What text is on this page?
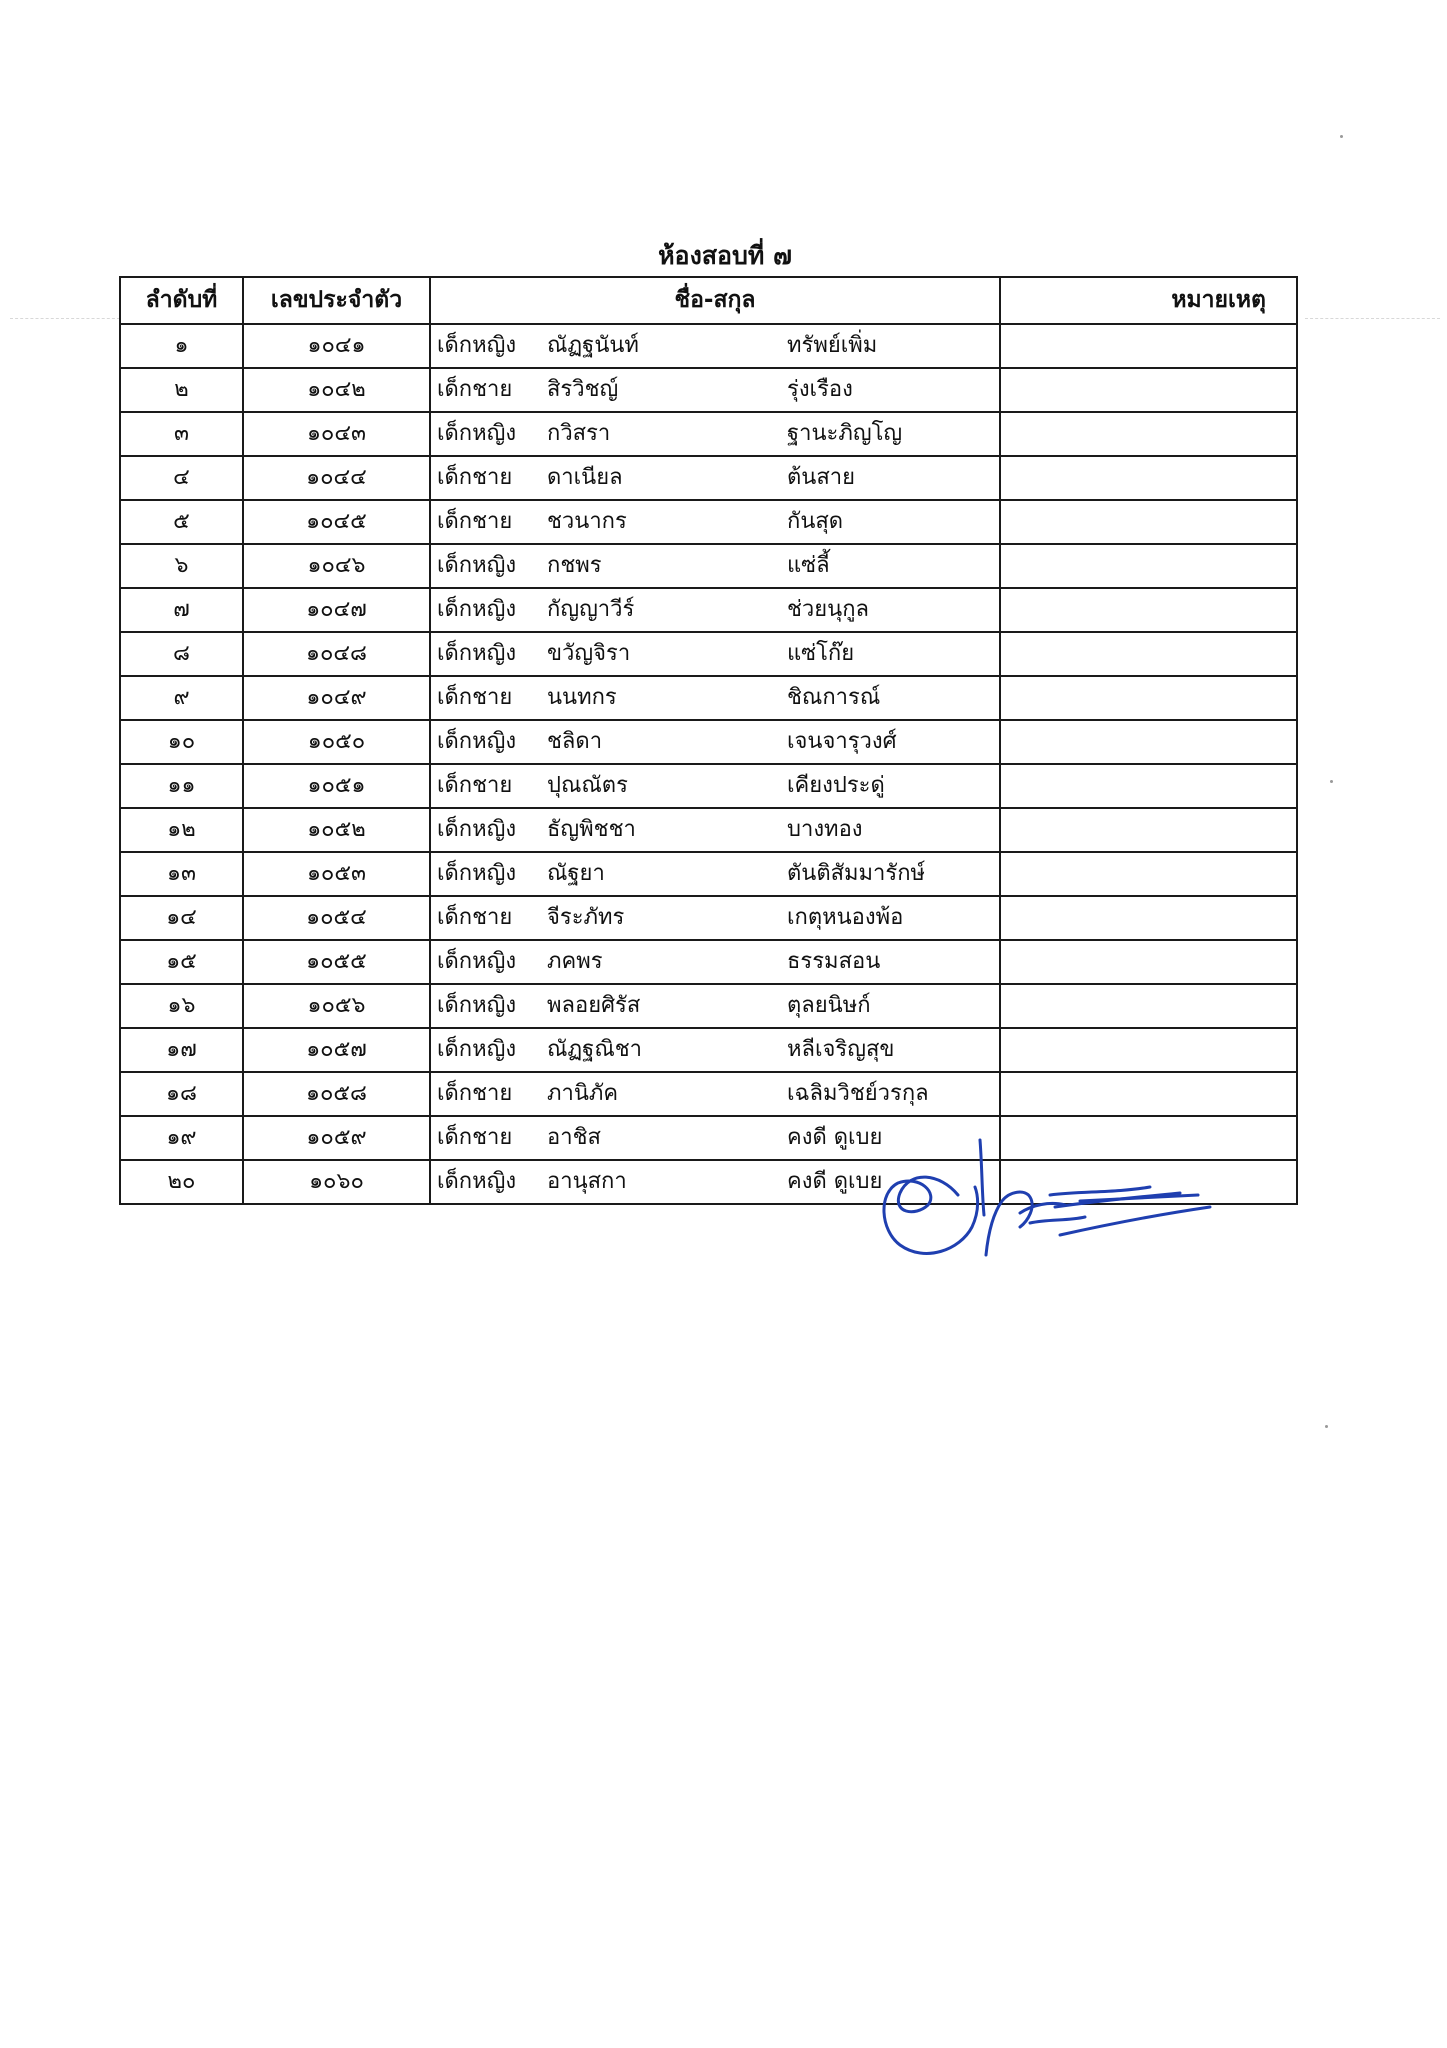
ห้องสอบที่ ๗
ลำดับที่	เลขประจำตัว	ชื่อ-สกุล	หมายเหตุ
๑	๑๐๔๑	เด็กหญิง ณัฏฐนันท์ ทรัพย์เพิ่ม	
๒	๑๐๔๒	เด็กชาย สิรวิชญ์ รุ่งเรือง	
๓	๑๐๔๓	เด็กหญิง กวิสรา ฐานะภิญโญ	
๔	๑๐๔๔	เด็กชาย ดาเนียล ต้นสาย	
๕	๑๐๔๕	เด็กชาย ชวนากร กันสุด	
๖	๑๐๔๖	เด็กหญิง กชพร แซ่ลี้	
๗	๑๐๔๗	เด็กหญิง กัญญาวีร์ ช่วยนุกูล	
๘	๑๐๔๘	เด็กหญิง ขวัญจิรา แซ่โก๊ย	
๙	๑๐๔๙	เด็กชาย นนทกร ชิณการณ์	
๑๐	๑๐๕๐	เด็กหญิง ชลิดา เจนจารุวงศ์	
๑๑	๑๐๕๑	เด็กชาย ปุณณัตร เคียงประดู่	
๑๒	๑๐๕๒	เด็กหญิง ธัญพิชชา บางทอง	
๑๓	๑๐๕๓	เด็กหญิง ณัฐยา ตันติสัมมารักษ์	
๑๔	๑๐๕๔	เด็กชาย จีระภัทร เกตุหนองพ้อ	
๑๕	๑๐๕๕	เด็กหญิง ภคพร ธรรมสอน	
๑๖	๑๐๕๖	เด็กหญิง พลอยศิรัส ตุลยนิษก์	
๑๗	๑๐๕๗	เด็กหญิง ณัฏฐณิชา หลีเจริญสุข	
๑๘	๑๐๕๘	เด็กชาย ภานิภัค เฉลิมวิชย์วรกุล	
๑๙	๑๐๕๙	เด็กชาย อาชิส คงดี ดูเบย	
๒๐	๑๐๖๐	เด็กหญิง อานุสกา คงดี ดูเบย	
